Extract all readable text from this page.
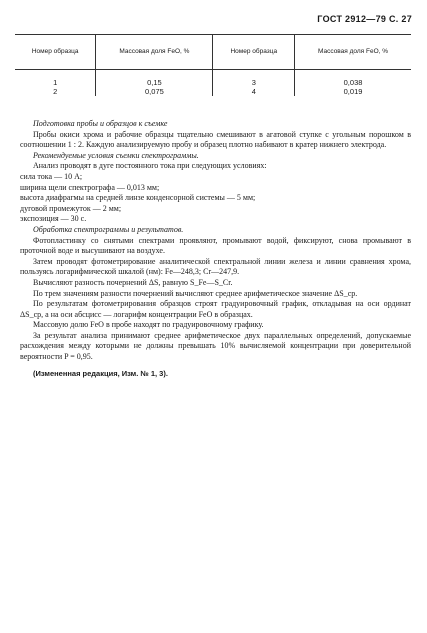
ГОСТ 2912—79 С. 27
Номер образца	Массовая доля FeO, %	Номер образца	Массовая доля FeO, %
1	0,15	3	0,038
2	0,075	4	0,019

Подготовка пробы и образцов к съемке

Пробы окиси хрома и рабочие образцы тщательно смешивают в агатовой ступке с угольным порошком в соотношении 1 : 2. Каждую анализируемую пробу и образец плотно набивают в кратер нижнего электрода.

Рекомендуемые условия съемки спектрограммы.

Анализ проводят в дуге постоянного тока при следующих условиях:

сила тока — 10 А;

ширина щели спектрографа — 0,013 мм;

высота диафрагмы на средней линзе конденсорной системы — 5 мм;

дуговой промежуток — 2 мм;

экспозиция — 30 с.

Обработка спектрограммы и результатов.

Фотопластинку со снятыми спектрами проявляют, промывают водой, фиксируют, снова промывают в проточной воде и высушивают на воздухе.

Затем проводят фотометрирование аналитической спектральной линии железа и линии сравнения хрома, пользуясь логарифмической шкалой (нм): Fe—248,3; Cr—247,9.

Вычисляют разность почернений ΔS, равную S_Fe—S_Cr.

По трем значениям разности почернений вычисляют среднее арифметическое значение ΔS_ср.

По результатам фотометрирования образцов строят градуировочный график, откладывая на оси ординат ΔS_ср, а на оси абсцисс — логарифм концентрации FeO в образцах.

Массовую долю FeO в пробе находят по градуировочному графику.

За результат анализа принимают среднее арифметическое двух параллельных определений, допускаемые расхождения между которыми не должны превышать 10% вычисляемой концентрации при доверительной вероятности P = 0,95.

(Измененная редакция, Изм. № 1, 3).
